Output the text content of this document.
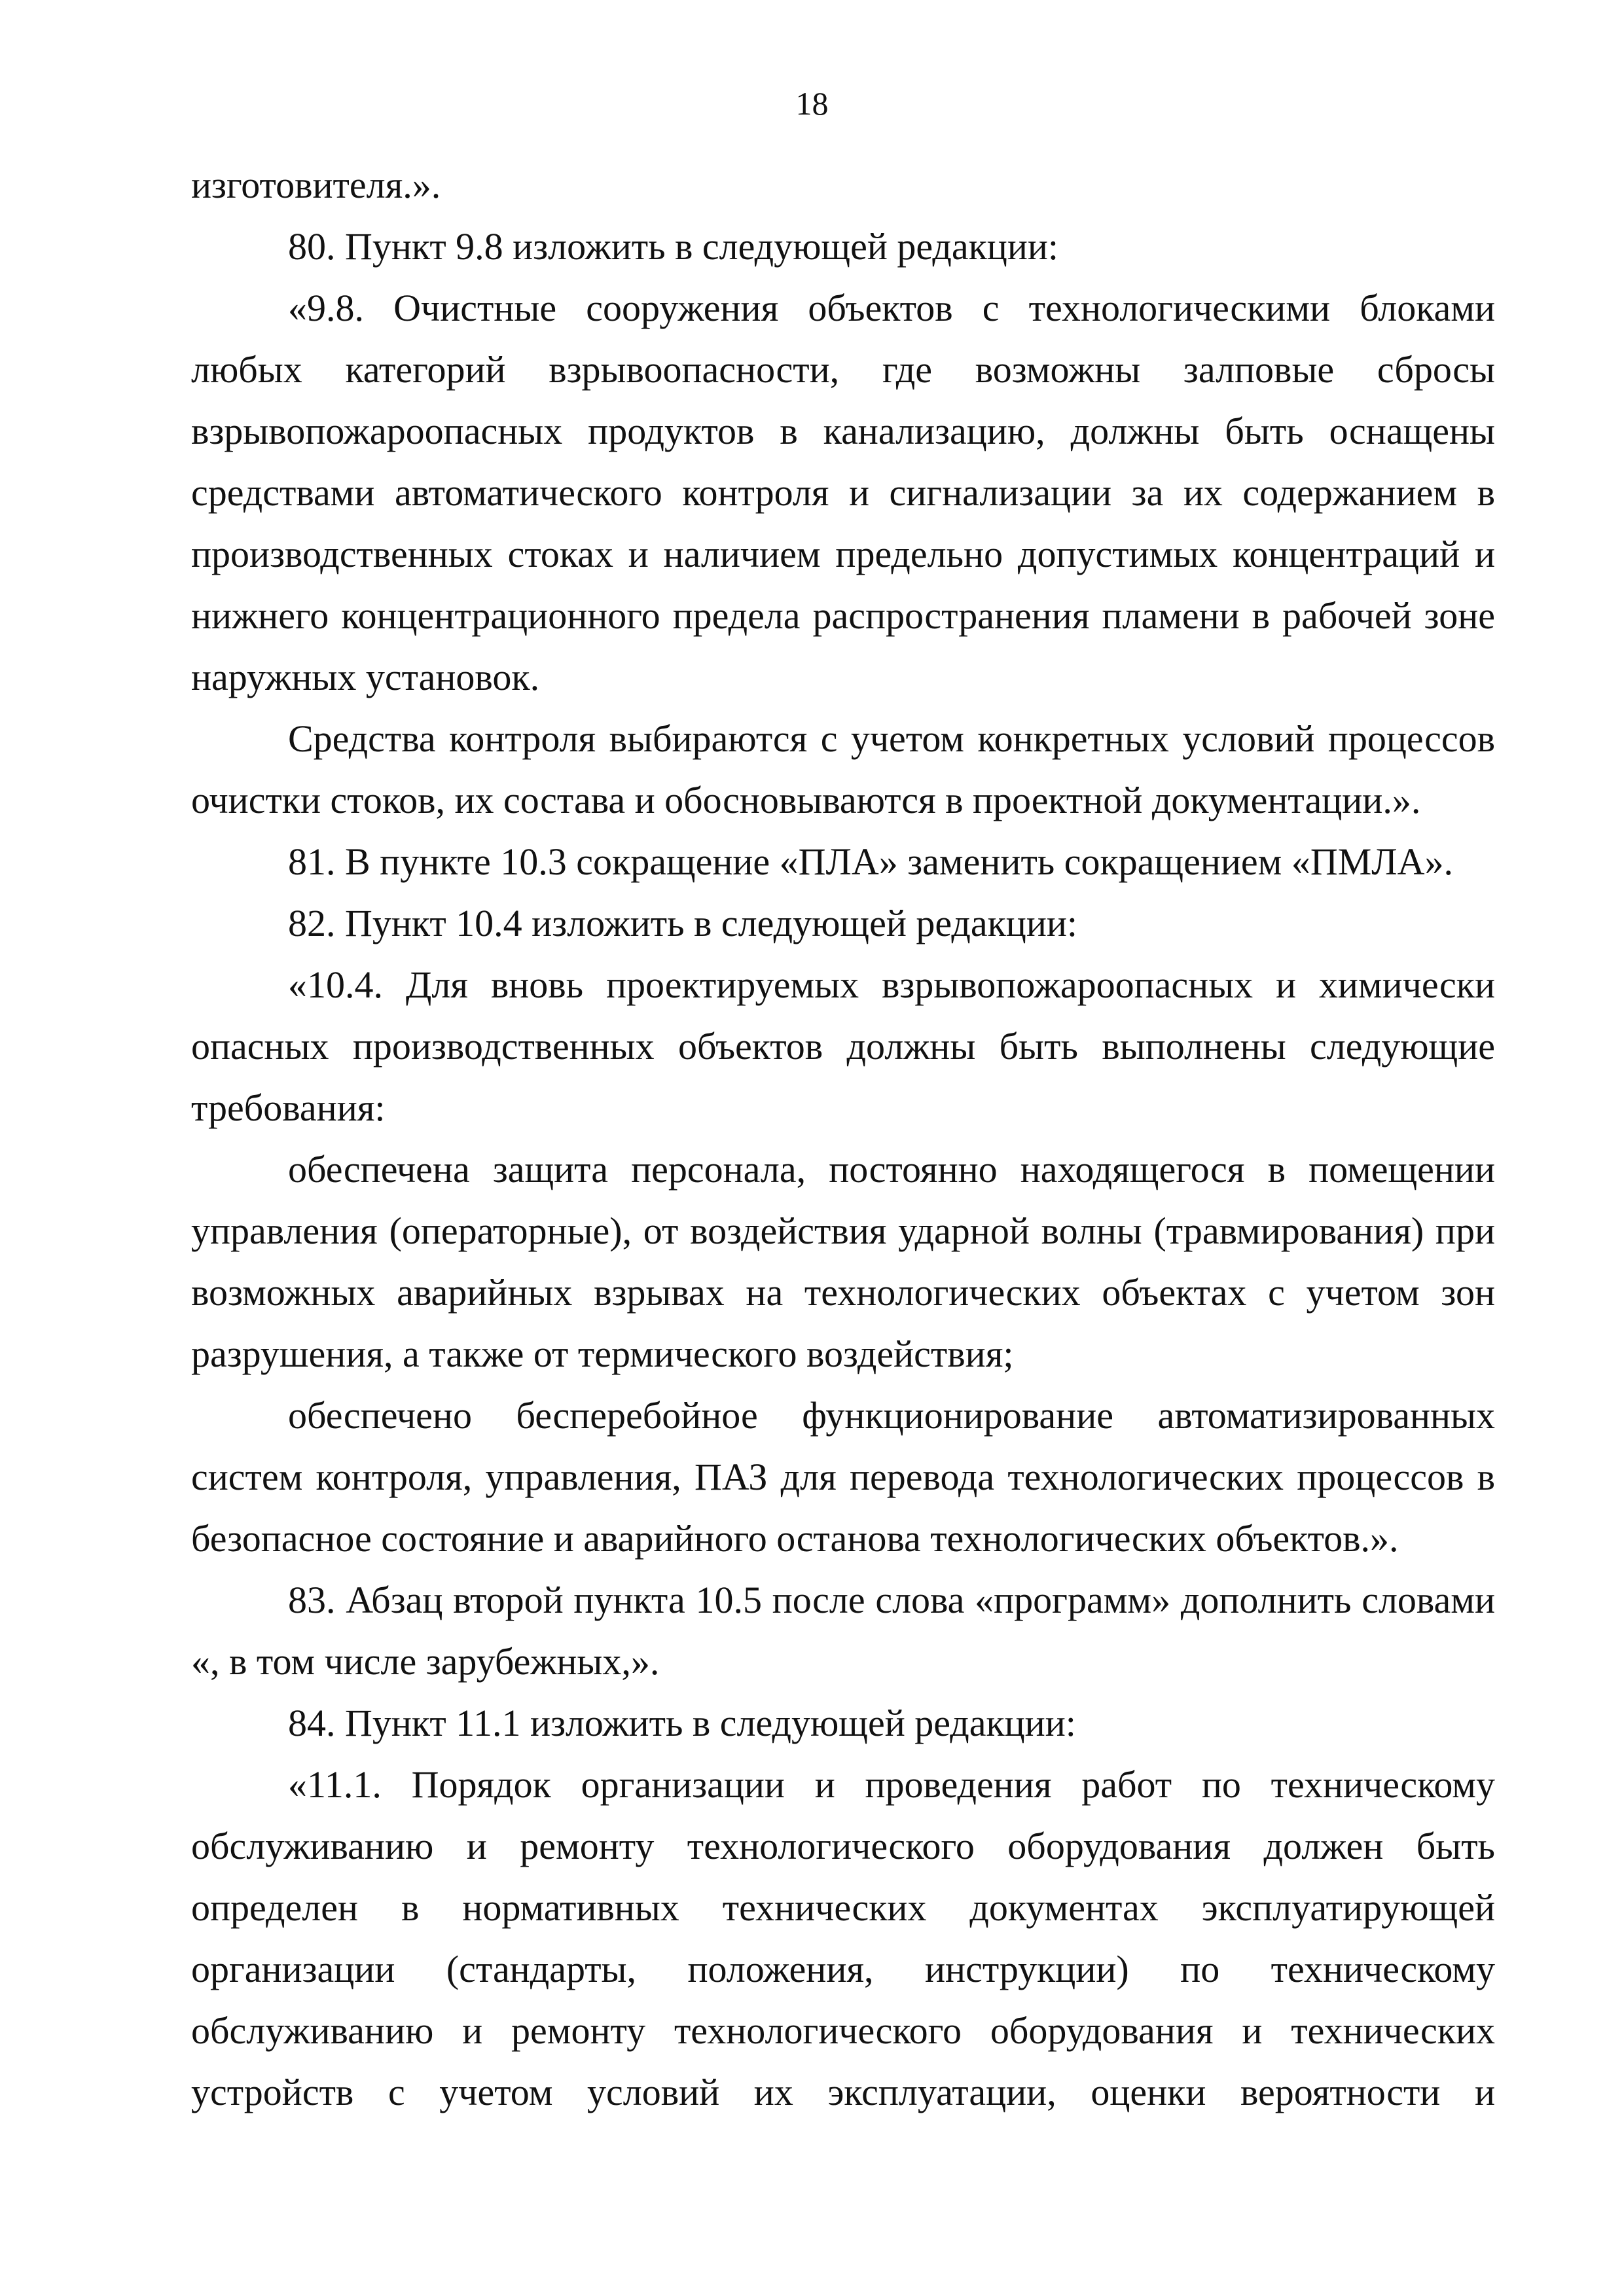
18
изготовителя.».
80. Пункт 9.8 изложить в следующей редакции:
«9.8. Очистные сооружения объектов с технологическими блоками
любых категорий взрывоопасности, где возможны залповые сбросы
взрывопожароопасных продуктов в канализацию, должны быть оснащены
средствами автоматического контроля и сигнализации за их содержанием в
производственных стоках и наличием предельно допустимых концентраций и
нижнего концентрационного предела распространения пламени в рабочей зоне
наружных установок.
Средства контроля выбираются с учетом конкретных условий процессов
очистки стоков, их состава и обосновываются в проектной документации.».
81. В пункте 10.3 сокращение «ПЛА» заменить сокращением «ПМЛА».
82. Пункт 10.4 изложить в следующей редакции:
«10.4. Для вновь проектируемых взрывопожароопасных и химически
опасных производственных объектов должны быть выполнены следующие
требования:
обеспечена защита персонала, постоянно находящегося в помещении
управления (операторные), от воздействия ударной волны (травмирования) при
возможных аварийных взрывах на технологических объектах с учетом зон
разрушения, а также от термического воздействия;
обеспечено бесперебойное функционирование автоматизированных
систем контроля, управления, ПАЗ для перевода технологических процессов в
безопасное состояние и аварийного останова технологических объектов.».
83. Абзац второй пункта 10.5 после слова «программ» дополнить словами
«, в том числе зарубежных,».
84. Пункт 11.1 изложить в следующей редакции:
«11.1. Порядок организации и проведения работ по техническому
обслуживанию и ремонту технологического оборудования должен быть
определен в нормативных технических документах эксплуатирующей
организации (стандарты, положения, инструкции) по техническому
обслуживанию и ремонту технологического оборудования и технических
устройств с учетом условий их эксплуатации, оценки вероятности и
